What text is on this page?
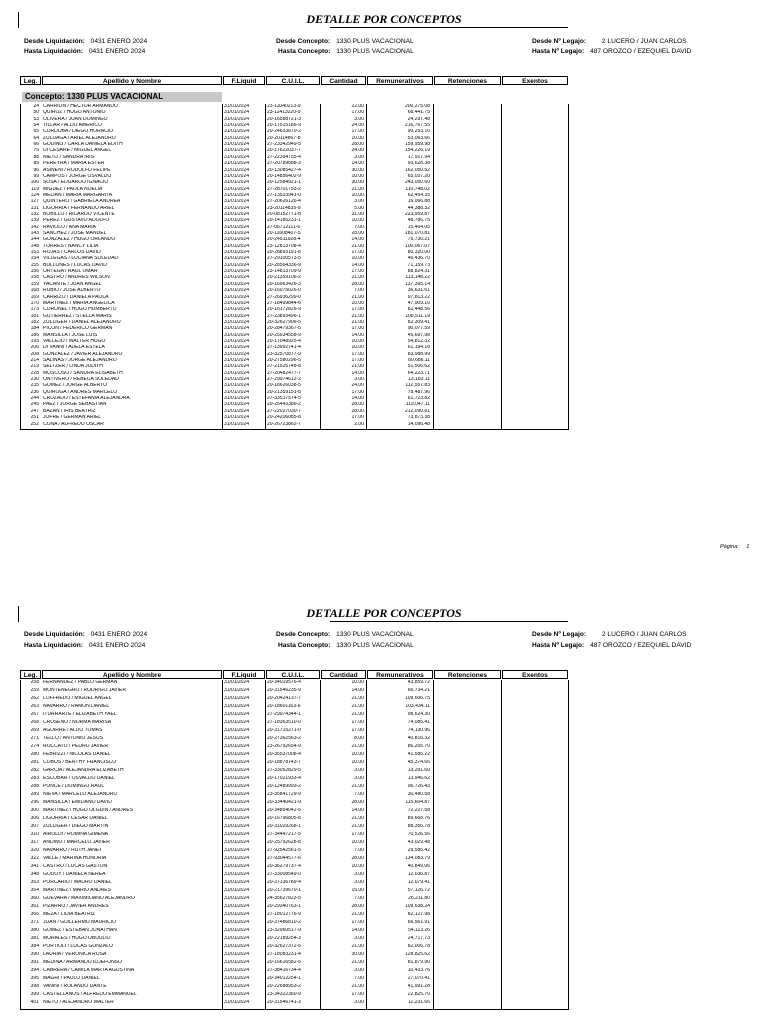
DETALLE POR CONCEPTOS
Desde Liquidación: 0431 ENERO 2024
Hasta Liquidación: 0431 ENERO 2024
Desde Concepto: 1330 PLUS VACACIONAL
Hasta Concepto: 1330 PLUS VACACIONAL
Desde Nº Legajo: 2 LUCERO / JUAN CARLOS
Hasta Nº Legajo: 487 OROZCO / EZEQUIEL DAVID
Leg.	Apellido y Nombre	F.Liquid	C.U.I.L.	Cantidad	Remunerativos	Retenciones	Exentos
Concepto: 1330 PLUS VACACIONAL
24 CARRION / HECTOR ARMANDO	31/01/2024	23-11040213-9	22.00	200,275.08
50 QUIROZ / HUGO ANTONIO	31/01/2024	23-11413220-9	17.00	68,441.75
53 OLIVERA / JUAN DOMINGO	31/01/2024	20-16588721-3	3.00	24,297.48
54 TILLAR / ALDO AMERICO	31/01/2024	20-17515186-9	24.00	216,767.55
55 CORDOBA / DIEGO HORACIO	31/01/2024	20-24633870-2	17.00	90,253.16
64 ZULUAGA / ARIEL ALEJANDRO	31/01/2024	20-20114867-8	10.00	53,063.66
66 GODINO / CARLA DANIELA EDITH	31/01/2024	27-23342949-5	28.00	159,959.98
75 DI CESARE / MIGUEL ANGEL	31/01/2024	20-17622037-7	24.00	154,226.19
88 NIETO / SANDRA IRIS	31/01/2024	27-22354755-4	3.00	17,917.94
89 PEREYRA / MARIA ESTER	31/01/2024	27-20789688-3	14.00	93,628.38
96 ASINENI / RODOLFO FELIPE	31/01/2024	20-13085427-4	30.00	162,050.52
99 CAMPOS / JORGE OSVALDO	31/01/2024	20-14856402-9	10.00	65,037.20
106 SOSA / EDUARDO IGNACIO	31/01/2024	20-12584921-1	30.00	243,050.60
119 MIGUEZ / PAOLA NOELIA	31/01/2024	27-28701753-2	21.00	110,748.02
124 MELIAN / MARIA MARGARITA	31/01/2024	27-13533941-0	10.00	62,454.35
127 QUINTERO / GABRIELA ANDREA	31/01/2024	27-20626126-4	3.00	16,066.88
131 LIGORRIA / FERNANDO ARIEL	31/01/2024	23-20114835-9	5.00	44,388.32
132 BOBILLO / RICARDO VICENTE	31/01/2024	20-08152771-8	31.00	223,959.87
139 PEREZ / GUSTAVO ADOLFO	31/01/2024	20-14185231-1	10.00	48,786.75
142 RAVIOLO / ANA MARIA	31/01/2024	27-06712111-6	7.00	15,464.05
143 SANCHEZ / JOSE MANUEL	31/01/2024	20-11608407-5	28.00	181,070.81
144 GONZALEZ / HUGO ORLANDO	31/01/2024	20-24511928-4	14.00	75,730.21
148 TORRES / NANCY LILIA	31/01/2024	23-12813708-4	21.00	100,067.07
153 ROJAS / CARLOS DAVID	31/01/2024	20-28893191-8	17.00	80,320.00
154 VILLEGAS / LUCIANA SOLEDAD	31/01/2024	27-29100573-5	10.00	46,436.70
155 BULLONES / LUCAS DAVID	31/01/2024	20-28564336-9	14.00	71,159.73
156 ORTEGA / RAUL OMAR	31/01/2024	23-14813709-9	17.00	88,824.31
158 CASTRO / ANDRES WILSON	31/01/2024	20-21359106-2	21.00	113,148.22
159 YACANTE / JUAN ANGEL	31/01/2024	20-16963426-3	28.00	137,395.14
168 RUBIO / JOSE ALBERTO	31/01/2024	20-16075026-0	7.00	36,631.61
169 CARRIZO / DANIELA PAOLA	31/01/2024	27-26936299-0	21.00	97,813.22
170 MARTINEZ / MARIA ANGELICA	31/01/2024	27-18499844-6	10.00	47,909.10
173 CORONEL / HUGO HUMBERTO	31/01/2024	20-16172826-9	17.00	81,448.56
181 GUTIERREZ / STELLA MARIS	31/01/2024	27-23893496-1	21.00	108,511.19
182 ZULLIGER / DANIEL ALEJANDRO	31/01/2024	20-32627906-5	21.00	82,309.41
184 PICON / FEDERICO GERMAN	31/01/2024	20-28479367-5	17.00	90,077.59
186 MANSILLA / JOSE LUIS	31/01/2024	20-25934558-9	14.00	45,697.98
193 VALLEJO / WALTER HUGO	31/01/2024	20-17048925-4	10.00	54,812.32
206 DI VANNI / ADELA ESTELA	31/01/2024	27-13992741-4	10.00	61,194.18
208 GONZALEZ / JAVIER ALEJANDRO	31/01/2024	23-32570877-9	17.00	83,988.99
214 SALINAS / JORGE ALEJANDRO	31/01/2024	20-27580296-5	17.00	80,686.11
219 SELTZER / LINDA JUDITH	31/01/2024	27-21526748-8	21.00	51,506.62
228 MOSCOSO / SANDRA ELISABETH	31/01/2024	27-20482477-7	14.00	64,223.71
230 ONTIVERO / REBECA SOLEDAD	31/01/2024	27-29974612-2	3.00	13,183.11
235 GOMEZ / JORGE ALBERTO	31/01/2024	20-18626038-5	24.00	112,557.83
236 QUIROGA / ANDRES MARCELO	31/01/2024	20-21359151-8	17.00	78,487.96
244 CRUZADO / ESTEFANIA ALEJANDRA	31/01/2024	27-33517574-5	14.00	61,723.82
245 PAEZ / JORGE SEBASTIAN	31/01/2024	20-25443386-2	28.00	119,047.11
247 BAZAN / IRIS BEATRIZ	31/01/2024	27-22027030-7	28.00	212,090.81
251 JOFRE / GERMAN ARIEL	31/01/2024	20-24206085-8	17.00	73,873.38
252 CONA / ALFREDO OSCAR	31/01/2024	20-26723862-7	2.00	14,096.48
Página: 1
DETALLE POR CONCEPTOS
Desde Liquidación: 0431 ENERO 2024
Hasta Liquidación: 0431 ENERO 2024
Desde Concepto: 1330 PLUS VACACIONAL
Hasta Concepto: 1330 PLUS VACACIONAL
Desde Nº Legajo: 2 LUCERO / JUAN CARLOS
Hasta Nº Legajo: 487 OROZCO / EZEQUIEL DAVID
Leg.	Apellido y Nombre	F.Liquid	C.U.I.L.	Cantidad	Remunerativos	Retenciones	Exentos
258 FERNANDEZ / PABLO GERMAN	31/01/2024	20-34019576-4	10.00	43,859.72
259 MONTENEGRO / RODRIGO JAVIER	31/01/2024	20-31546235-9	14.00	66,734.21
262 LOFFREDO / MIGUEL ANGEL	31/01/2024	20-20424137-7	21.00	109,606.75
263 NAVARRO / RAMON DANIEL	31/01/2024	20-18601163-6	21.00	103,434.11
267 ITURRARTE / ELIZABETH YAEL	31/01/2024	27-29974344-1	21.00	98,624.30
268 CRUSENO / NORMA MARISA	31/01/2024	27-18363510-0	17.00	74,085.41
269 AGUIRRE / ALDO TOMAS	31/01/2024	20-31715271-0	17.00	74,130.96
271 TELLO / ANTONIO JESUS	31/01/2024	20-27362563-2	8.00	40,816.32
274 ROCCATO / PEDRO JAVIER	31/01/2024	23-26792654-9	21.00	86,205.70
280 FEBRIZZI / NICOLAS DANIEL	31/01/2024	20-35537008-4	10.00	41,585.22
281 COBOS / BERTHY FRANCISCO	31/01/2024	20-18878743-7	10.00	45,374.66
282 GARCIA / ALEJANDRA ELIZABETH	31/01/2024	27-33052829-5	3.00	13,291.60
283 ESCOBAR / OSVALDO DANIEL	31/01/2024	20-17021933-4	3.00	13,946.62
288 PONCE / DOMINGO RAUL	31/01/2024	20-12489993-2	21.00	96,726.43
289 NIEVA / MARCELO ALEJANDRO	31/01/2024	23-35841729-9	7.00	30,480.58
296 MANSILLA / EMILIANO DAVID	31/01/2024	20-33440421-9	28.00	115,604.87
300 MARTINEZ / HUGO OLGUIN / ANDRES	31/01/2024	20-34854042-5	14.00	72,227.58
306 LIGORRIA / CESAR DANIEL	31/01/2024	20-16796805-8	21.00	89,668.76
307 ZULLIGER / DIEGO MARTIN	31/01/2024	20-31029268-1	21.00	88,356.78
310 AIROLDI / ROMINA GIMENA	31/01/2024	27-34447217-5	17.00	70,526.56
317 ANDINO / MARCELO JAVIER	31/01/2024	20-25792628-8	10.00	43,029.48
320 NAVARRO / RUTH JANET	31/01/2024	27-92542561-5	7.00	29,585.42
322 VALLE / MARINA HONORIA	31/01/2024	27-93044577-6	28.00	134,083.79
341 CASTRO / LUCAS GASTON	31/01/2024	20-36279737-4	10.00	40,849.06
348 GODOY / DANIELA NEREA	31/01/2024	27-33008549-0	3.00	12,036.87
353 PORCARIO / MAURO DANIEL	31/01/2024	20-37136789-4	3.00	12,079.41
354 MARTINEZ / MARIO ANDRES	31/01/2024	20-21739670-1	15.00	57,126.72
360 GUEVARA / MAXIMILIANO ALEJANDRO	31/01/2024	24-35627823-5	7.00	26,211.80
361 PIZARRO / JAVIER ANDRES	31/01/2024	20-29340763-1	28.00	109,638.24
366 MEZA / LIDIA BEATRIZ	31/01/2024	27-18012776-9	21.00	82,127.98
371 JUAN / GUILLERMO MAURICIO	31/01/2024	20-37486810-2	17.00	66,561.91
380 GOMEZ / ESTEBAN JONATHAN	31/01/2024	23-32960517-9	14.00	54,113.26
381 MORALES / HUGO OBDULIO	31/01/2024	20-22189254-3	3.00	24,717.73
384 PORTIOLI / LUCAS GONZALO	31/01/2024	20-32627372-5	21.00	82,006.78
390 LAURIA / VERONICA ROSA	31/01/2024	27-18083231-4	30.00	128,825.62
391 MEDINA / ARMANDO ILDEFONSO	31/01/2024	20-16616582-5	21.00	81,879.90
394 CABRERA / CAMILA MARTA AGUSTINA	31/01/2024	27-38416734-4	3.00	10,433.76
395 MAGRI / PAULO DANIEL	31/01/2024	20-34012254-1	7.00	27,070.41
398 VANINI / ROLANDO DANTE	31/01/2024	20-22688953-2	21.00	41,991.28
399 CASTELLANOS / ALFREDO EMMANUEL	31/01/2024	23-34322360-9	17.00	22,825.70
401 NIETO / ALEJANDRO WALTER	31/01/2024	20-31546741-3	3.00	11,231.66
